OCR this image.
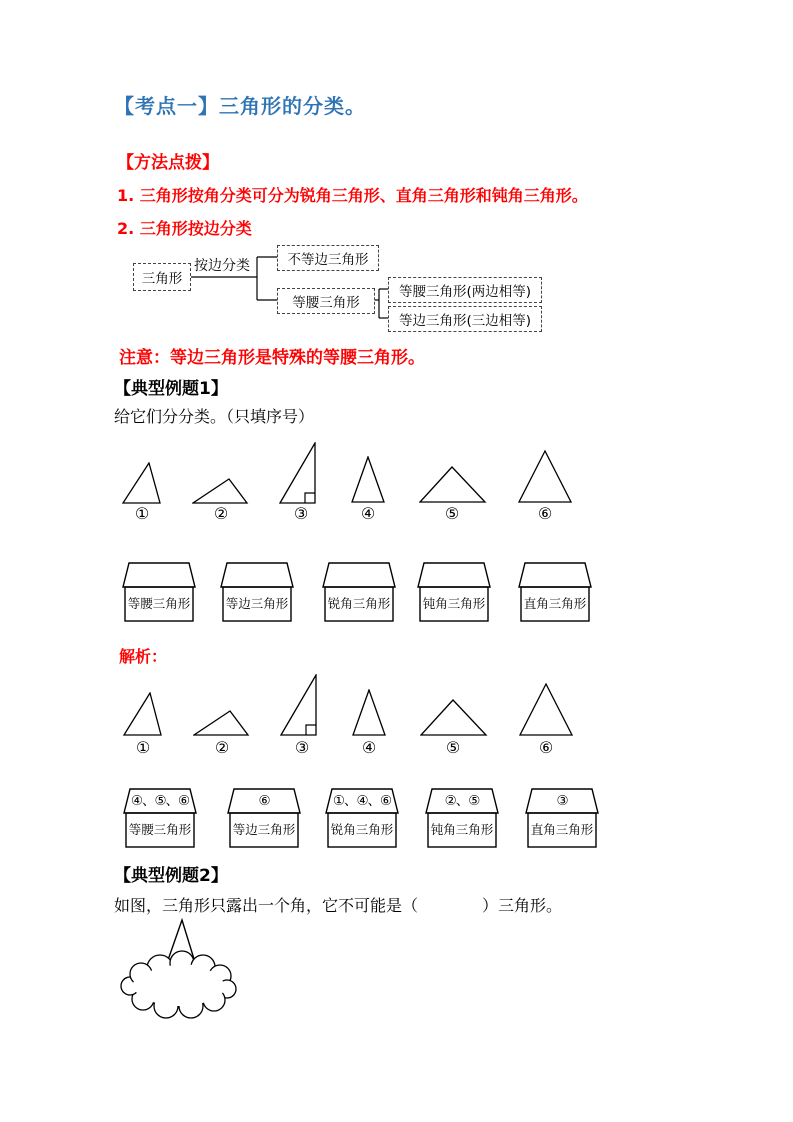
【考点一】三角形的分类。
【方法点拨】
1. 三角形按角分类可分为锐角三角形、直角三角形和钝角三角形。
2. 三角形按边分类
三角形
按边分类	不等边三角形
等腰三角形
等腰三角形(两边相等)
等边三角形(三边相等)
注意：等边三角形是特殊的等腰三角形。
【典型例题1】
给它们分分类。（只填序号）
①	②	③	④	⑤	⑥
等腰三角形	等边三角形	锐角三角形	钝角三角形	直角三角形
解析：
①	②	③	④	⑤	⑥
④、⑤、⑥
等腰三角形
⑥
等边三角形
①、④、⑥
锐角三角形
②、⑤
钝角三角形
③
直角三角形
【典型例题2】
如图，三角形只露出一个角，它不可能是（　　　　）三角形。
